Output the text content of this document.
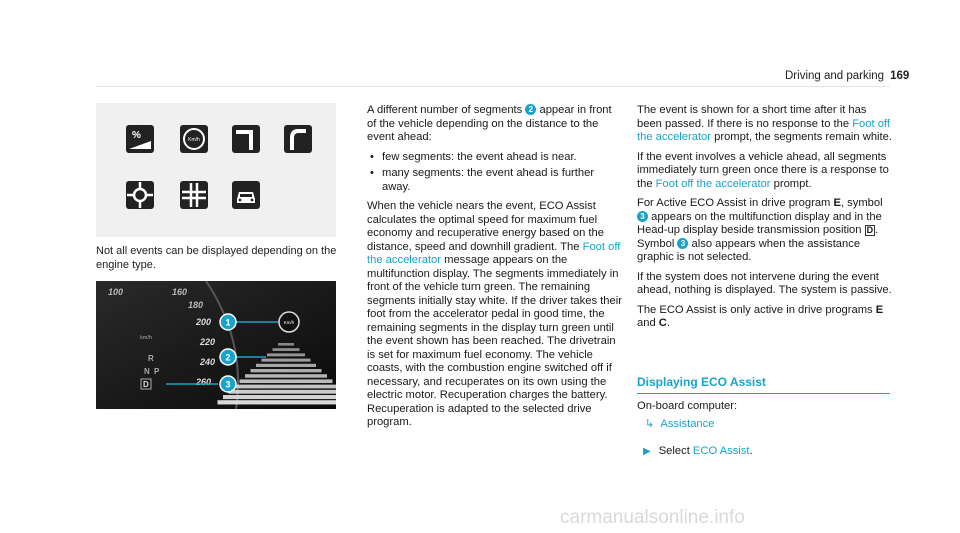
Driving and parking 169
%	Km/h
Not all events can be displayed depending on the engine type.
100	160
180
200
220
240
260
km/h
R
N P
D
Km/h
1
2
3

A different number of segments 2 appear in front of the vehicle depending on the distance to the event ahead:

• few segments: the event ahead is near.
• many segments: the event ahead is further away.

When the vehicle nears the event, ECO Assist calculates the optimal speed for maximum fuel economy and recuperative energy based on the distance, speed and downhill gradient. The Foot off the accelerator message appears on the multifunction display. The segments immediately in front of the vehicle turn green. The remaining segments initially stay white. If the driver takes their foot from the accelerator pedal in good time, the remaining segments in the display turn green until the event shown has been reached. The drivetrain is set for maximum fuel economy. The vehicle coasts, with the combustion engine switched off if necessary, and recuperates on its own using the electric motor. Recuperation charges the battery. Recuperation is adapted to the selected drive program.

The event is shown for a short time after it has been passed. If there is no response to the Foot off the accelerator prompt, the segments remain white.

If the event involves a vehicle ahead, all segments immediately turn green once there is a response to the Foot off the accelerator prompt.

For Active ECO Assist in drive program E, symbol 3 appears on the multifunction display and in the Head-up display beside transmission position D . Symbol 3 also appears when the assistance graphic is not selected.

If the system does not intervene during the event ahead, nothing is displayed. The system is passive.

The ECO Assist is only active in drive programs E and C.

Displaying ECO Assist
On-board computer:
↳ Assistance
▶ Select ECO Assist.
carmanualsonline.info
